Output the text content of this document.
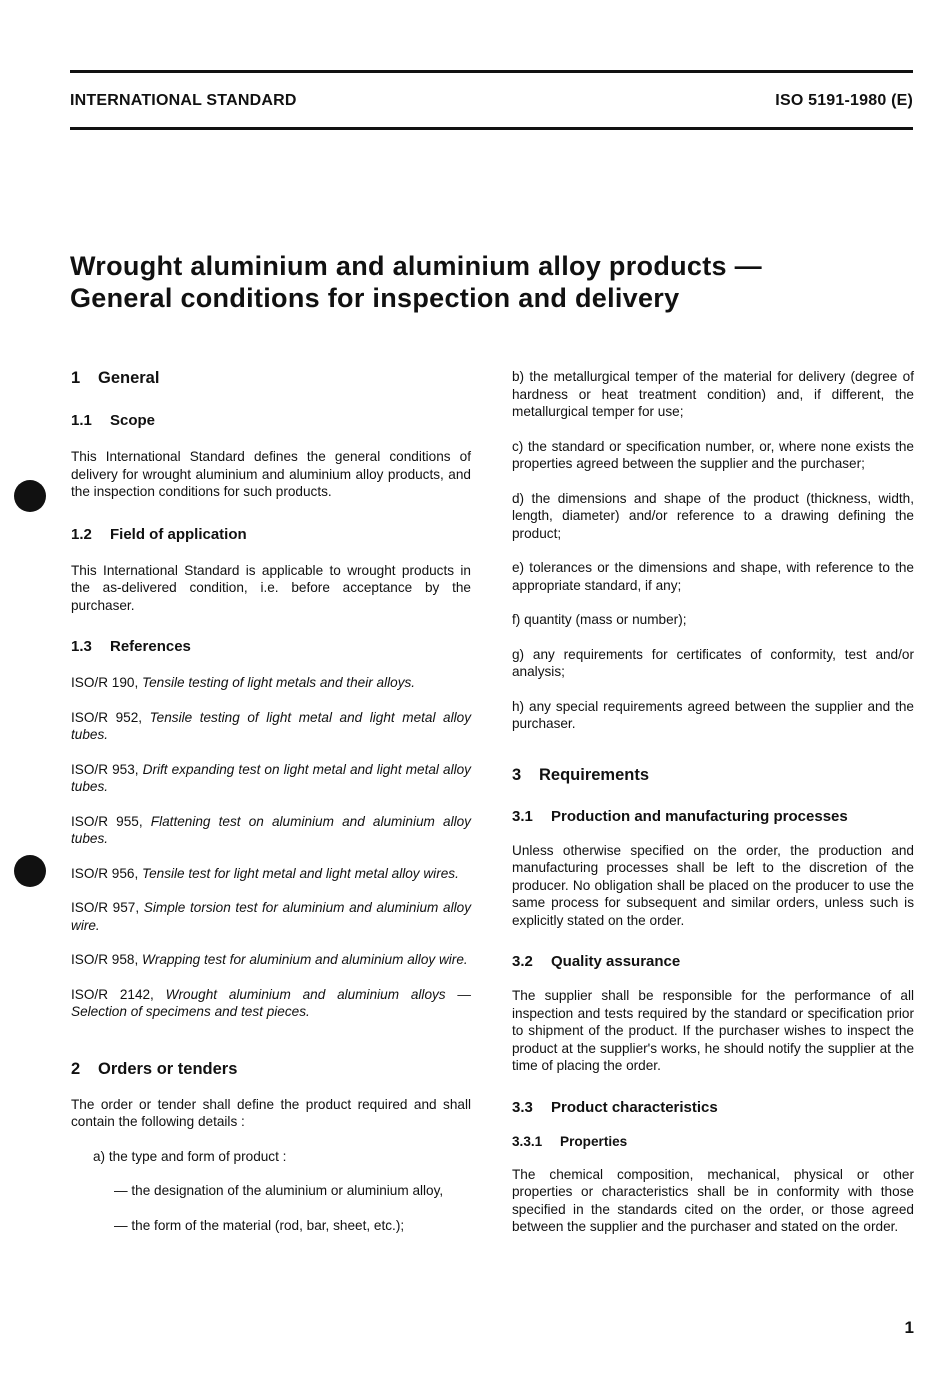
INTERNATIONAL STANDARD	ISO 5191-1980 (E)
Wrought aluminium and aluminium alloy products —
General conditions for inspection and delivery
1 General
1.1 Scope

This International Standard defines the general conditions of delivery for wrought aluminium and aluminium alloy products, and the inspection conditions for such products.

1.2 Field of application

This International Standard is applicable to wrought products in the as-delivered condition, i.e. before acceptance by the purchaser.

1.3 References

ISO/R 190, Tensile testing of light metals and their alloys.

ISO/R 952, Tensile testing of light metal and light metal alloy tubes.

ISO/R 953, Drift expanding test on light metal and light metal alloy tubes.

ISO/R 955, Flattening test on aluminium and aluminium alloy tubes.

ISO/R 956, Tensile test for light metal and light metal alloy wires.

ISO/R 957, Simple torsion test for aluminium and aluminium alloy wire.

ISO/R 958, Wrapping test for aluminium and aluminium alloy wire.

ISO/R 2142, Wrought aluminium and aluminium alloys — Selection of specimens and test pieces.

2 Orders or tenders

The order or tender shall define the product required and shall contain the following details :

a) the type and form of product :

— the designation of the aluminium or aluminium alloy,

— the form of the material (rod, bar, sheet, etc.);

b) the metallurgical temper of the material for delivery (degree of hardness or heat treatment condition) and, if different, the metallurgical temper for use;

c) the standard or specification number, or, where none exists the properties agreed between the supplier and the purchaser;

d) the dimensions and shape of the product (thickness, width, length, diameter) and/or reference to a drawing defining the product;

e) tolerances or the dimensions and shape, with reference to the appropriate standard, if any;

f) quantity (mass or number);

g) any requirements for certificates of conformity, test and/or analysis;

h) any special requirements agreed between the supplier and the purchaser.

3 Requirements
3.1 Production and manufacturing processes

Unless otherwise specified on the order, the production and manufacturing processes shall be left to the discretion of the producer. No obligation shall be placed on the producer to use the same process for subsequent and similar orders, unless such is explicitly stated on the order.

3.2 Quality assurance

The supplier shall be responsible for the performance of all inspection and tests required by the standard or specification prior to shipment of the product. If the purchaser wishes to inspect the product at the supplier's works, he should notify the supplier at the time of placing the order.

3.3 Product characteristics
3.3.1 Properties

The chemical composition, mechanical, physical or other properties or characteristics shall be in conformity with those specified in the standards cited on the order, or those agreed between the supplier and the purchaser and stated on the order.

1
